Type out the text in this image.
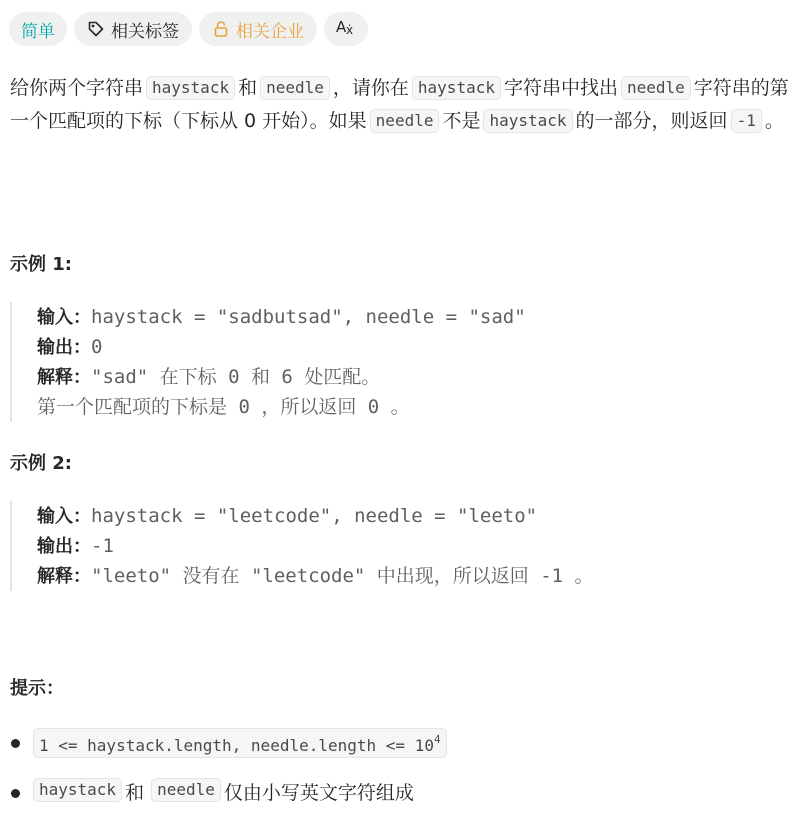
简单	相关标签	相关企业 A ẋ

给你两个字符串 haystack 和 needle ，请你在 haystack 字符串中找出 needle 字符串的第一个匹配项的下标（下标从 0 开始）。如果 needle 不是 haystack 的一部分，则返回 -1 。

示例 1:
输入：haystack = "sadbutsad", needle = "sad"
输出：0
解释："sad" 在下标 0 和 6 处匹配。
第一个匹配项的下标是 0 ，所以返回 0 。
示例 2:
输入：haystack = "leetcode", needle = "leeto"
输出：-1
解释："leeto" 没有在 "leetcode" 中出现，所以返回 -1 。
提示：
1 <= haystack.length, needle.length <= $10^4$
haystack 和 needle 仅由小写英文字符组成
